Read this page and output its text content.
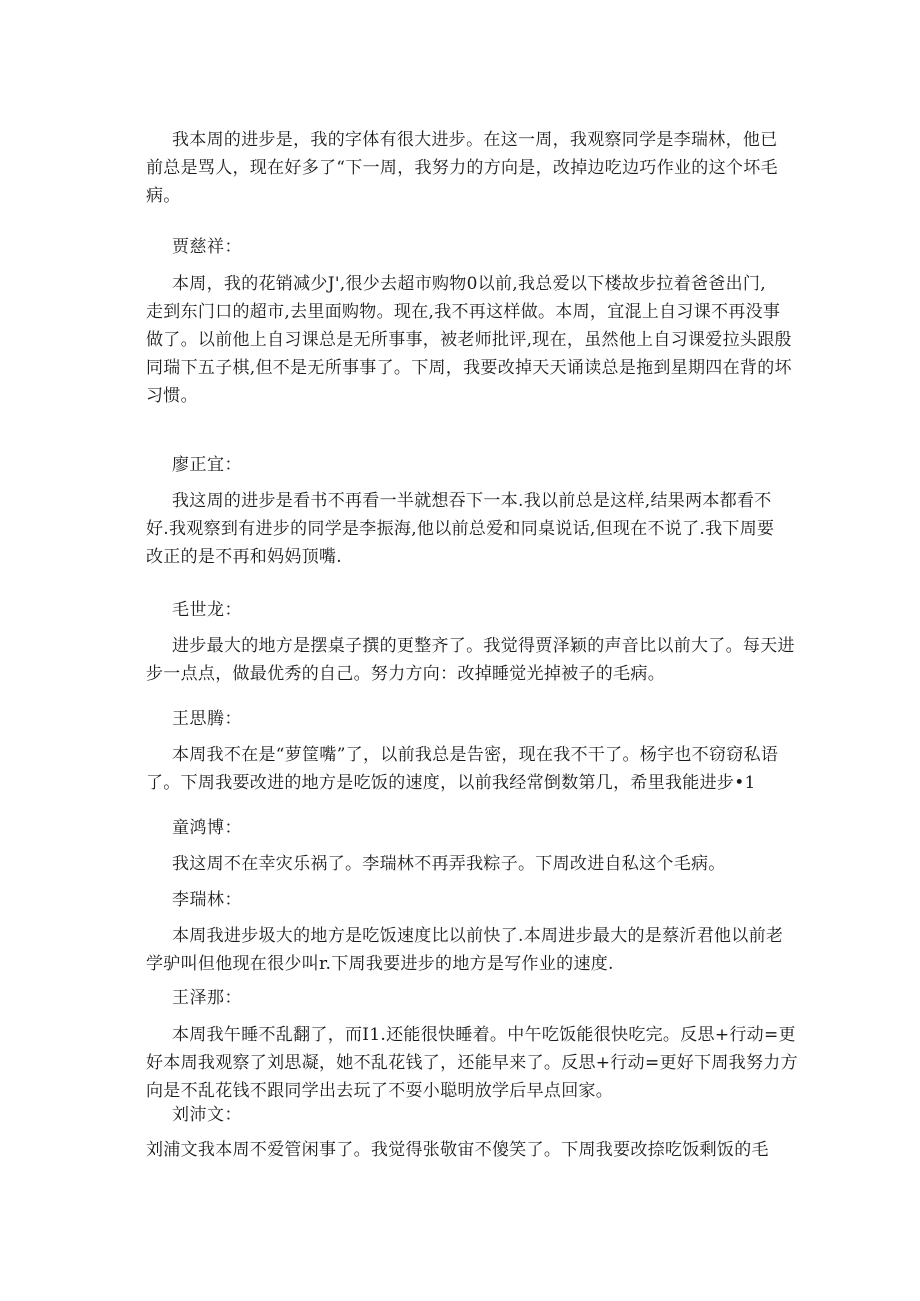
我本周的进步是，我的字体有很大进步。在这一周，我观察同学是李瑞林，他已
前总是骂人，现在好多了“下一周，我努力的方向是，改掉边吃边巧作业的这个坏毛
病。
贾慈祥：
本周，我的花销减少J',很少去超市购物0以前,我总爱以下楼故步拉着爸爸出门,
走到东门口的超市,去里面购物。现在,我不再这样做。本周，宜混上自习课不再没事
做了。以前他上自习课总是无所事事，被老师批评,现在，虽然他上自习课爱拉头跟殷
同瑞下五子棋,但不是无所事事了。下周，我要改掉天天诵读总是拖到星期四在背的坏
习惯。
廖正宜：
我这周的进步是看书不再看一半就想吞下一本.我以前总是这样,结果两本都看不
好.我观察到有进步的同学是李振海,他以前总爱和同桌说话,但现在不说了.我下周要
改正的是不再和妈妈顶嘴.
毛世龙：
进步最大的地方是摆桌子撰的更整齐了。我觉得贾泽颖的声音比以前大了。每天进
步一点点，做最优秀的自己。努力方向：改掉睡觉光掉被子的毛病。
王思腾：
本周我不在是“萝筐嘴”了，以前我总是告密，现在我不干了。杨宇也不窃窃私语
了。下周我要改进的地方是吃饭的速度，以前我经常倒数第几，希里我能进步•1
童鸿博：
我这周不在幸灾乐祸了。李瑞林不再弄我粽子。下周改进自私这个毛病。
李瑞林：
本周我进步圾大的地方是吃饭速度比以前快了.本周进步最大的是蔡沂君他以前老
学驴叫但他现在很少叫r.下周我要进步的地方是写作业的速度.
王泽那：
本周我午睡不乱翻了，而I1.还能很快睡着。中午吃饭能很快吃完。反思+行动=更
好本周我观察了刘思凝，她不乱花钱了，还能早来了。反思+行动=更好下周我努力方
向是不乱花钱不跟同学出去玩了不耍小聪明放学后早点回家。
刘沛文：
刘浦文我本周不爱管闲事了。我觉得张敬宙不傻笑了。下周我要改捺吃饭剩饭的毛
